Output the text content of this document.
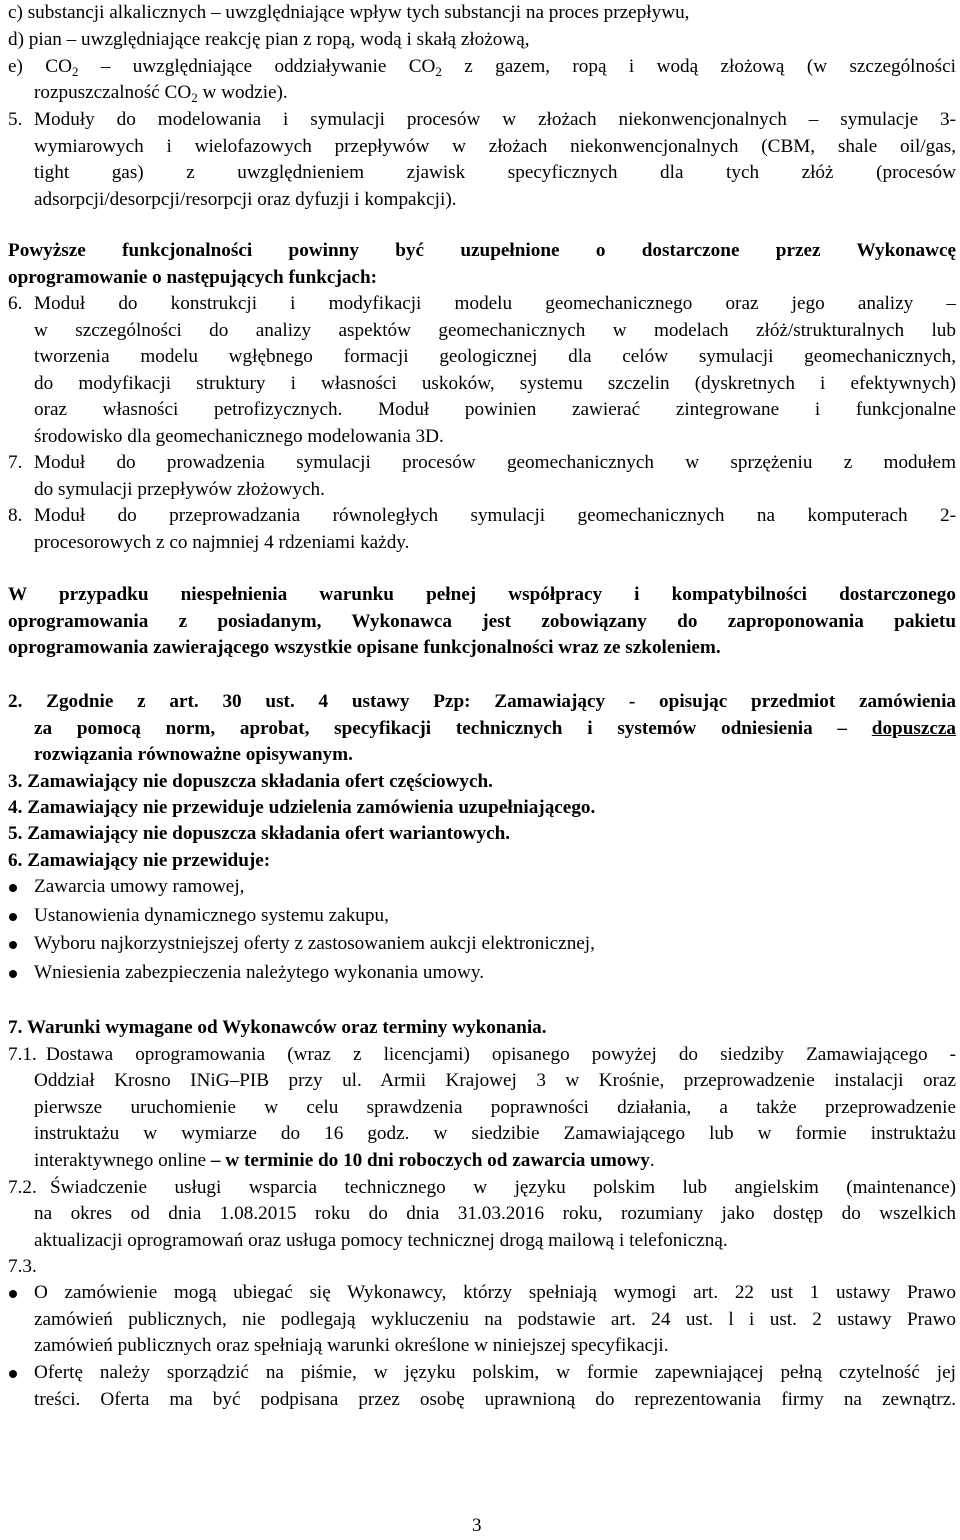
c) substancji alkalicznych – uwzględniające wpływ tych substancji na proces przepływu,
d) pian – uwzględniające reakcję pian z ropą, wodą i skałą złożową,
e) $CO_2$ – uwzględniające oddziaływanie $CO_2$ z gazem, ropą i wodą złożową (w szczególności
rozpuszczalność $CO_2$ w wodzie).
5. Moduły do modelowania i symulacji procesów w złożach niekonwencjonalnych – symulacje 3-
wymiarowych i wielofazowych przepływów w złożach niekonwencjonalnych (CBM, shale oil/gas,
tight gas) z uwzględnieniem zjawisk specyficznych dla tych złóż (procesów
adsorpcji/desorpcji/resorpcji oraz dyfuzji i kompakcji).
Powyższe funkcjonalności powinny być uzupełnione o dostarczone przez Wykonawcę
oprogramowanie o następujących funkcjach:
6. Moduł do konstrukcji i modyfikacji modelu geomechanicznego oraz jego analizy –
w szczególności do analizy aspektów geomechanicznych w modelach złóż/strukturalnych lub
tworzenia modelu wgłębnego formacji geologicznej dla celów symulacji geomechanicznych,
do modyfikacji struktury i własności uskoków, systemu szczelin (dyskretnych i efektywnych)
oraz własności petrofizycznych. Moduł powinien zawierać zintegrowane i funkcjonalne
środowisko dla geomechanicznego modelowania 3D.
7. Moduł do prowadzenia symulacji procesów geomechanicznych w sprzężeniu z modułem
do symulacji przepływów złożowych.
8. Moduł do przeprowadzania równoległych symulacji geomechanicznych na komputerach 2-
procesorowych z co najmniej 4 rdzeniami każdy.
W przypadku niespełnienia warunku pełnej współpracy i kompatybilności dostarczonego
oprogramowania z posiadanym, Wykonawca jest zobowiązany do zaproponowania pakietu
oprogramowania zawierającego wszystkie opisane funkcjonalności wraz ze szkoleniem.
2. Zgodnie z art. 30 ust. 4 ustawy Pzp: Zamawiający - opisując przedmiot zamówienia
za pomocą norm, aprobat, specyfikacji technicznych i systemów odniesienia – dopuszcza
rozwiązania równoważne opisywanym.
3. Zamawiający nie dopuszcza składania ofert częściowych.
4. Zamawiający nie przewiduje udzielenia zamówienia uzupełniającego.
5. Zamawiający nie dopuszcza składania ofert wariantowych.
6. Zamawiający nie przewiduje:
Zawarcia umowy ramowej,
Ustanowienia dynamicznego systemu zakupu,
Wyboru najkorzystniejszej oferty z zastosowaniem aukcji elektronicznej,
Wniesienia zabezpieczenia należytego wykonania umowy.
7. Warunki wymagane od Wykonawców oraz terminy wykonania.
7.1. Dostawa oprogramowania (wraz z licencjami) opisanego powyżej do siedziby Zamawiającego -
Oddział Krosno INiG–PIB przy ul. Armii Krajowej 3 w Krośnie, przeprowadzenie instalacji oraz
pierwsze uruchomienie w celu sprawdzenia poprawności działania, a także przeprowadzenie
instruktażu w wymiarze do 16 godz. w siedzibie Zamawiającego lub w formie instruktażu
interaktywnego online – w terminie do 10 dni roboczych od zawarcia umowy.
7.2. Świadczenie usługi wsparcia technicznego w języku polskim lub angielskim (maintenance)
na okres od dnia 1.08.2015 roku do dnia 31.03.2016 roku, rozumiany jako dostęp do wszelkich
aktualizacji oprogramowań oraz usługa pomocy technicznej drogą mailową i telefoniczną.
7.3.
O zamówienie mogą ubiegać się Wykonawcy, którzy spełniają wymogi art. 22 ust 1 ustawy Prawo
zamówień publicznych, nie podlegają wykluczeniu na podstawie art. 24 ust. l i ust. 2 ustawy Prawo
zamówień publicznych oraz spełniają warunki określone w niniejszej specyfikacji.
Ofertę należy sporządzić na piśmie, w języku polskim, w formie zapewniającej pełną czytelność jej
treści. Oferta ma być podpisana przez osobę uprawnioną do reprezentowania firmy na zewnątrz.
3
